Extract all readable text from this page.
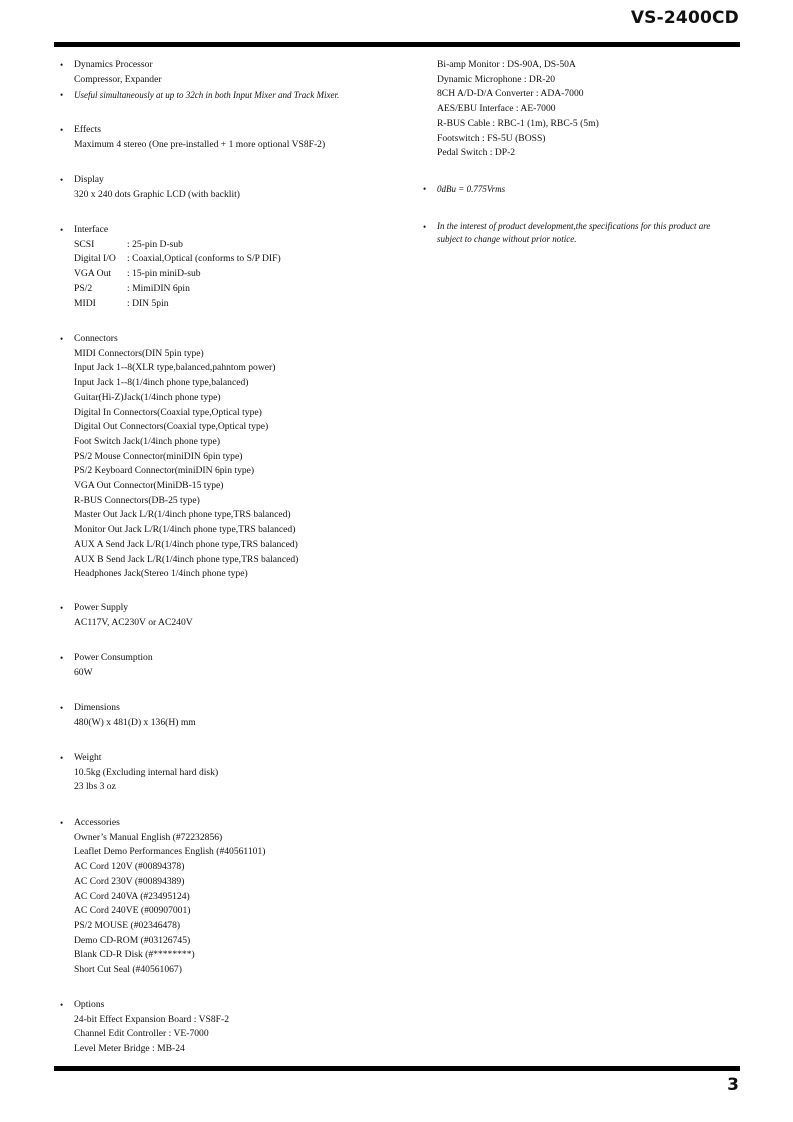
VS-2400CD
• Dynamics Processor
Compressor, Expander
• Useful simultaneously at up to 32ch in both Input Mixer and Track Mixer.
• Effects
Maximum 4 stereo (One pre-installed + 1 more optional VS8F-2)
• Display
320 x 240 dots Graphic LCD (with backlit)
• Interface
SCSI	: 25-pin D-sub
Digital I/O	: Coaxial,Optical (conforms to S/P DIF)
VGA Out	: 15-pin miniD-sub
PS/2	: MimiDIN 6pin
MIDI	: DIN 5pin
• Connectors
MIDI Connectors(DIN 5pin type)
Input Jack 1--8(XLR type,balanced,pahntom power)
Input Jack 1--8(1/4inch phone type,balanced)
Guitar(Hi-Z)Jack(1/4inch phone type)
Digital In Connectors(Coaxial type,Optical type)
Digital Out Connectors(Coaxial type,Optical type)
Foot Switch Jack(1/4inch phone type)
PS/2 Mouse Connector(miniDIN 6pin type)
PS/2 Keyboard Connector(miniDIN 6pin type)
VGA Out Connector(MiniDB-15 type)
R-BUS Connectors(DB-25 type)
Master Out Jack L/R(1/4inch phone type,TRS balanced)
Monitor Out Jack L/R(1/4inch phone type,TRS balanced)
AUX A Send Jack L/R(1/4inch phone type,TRS balanced)
AUX B Send Jack L/R(1/4inch phone type,TRS balanced)
Headphones Jack(Stereo 1/4inch phone type)
• Power Supply
AC117V, AC230V or AC240V
• Power Consumption
60W
• Dimensions
480(W) x 481(D) x 136(H) mm
• Weight
10.5kg (Excluding internal hard disk)
23 lbs 3 oz
• Accessories
Owner’s Manual English (#72232856)
Leaflet Demo Performances English (#40561101)
AC Cord 120V (#00894378)
AC Cord 230V (#00894389)
AC Cord 240VA (#23495124)
AC Cord 240VE (#00907001)
PS/2 MOUSE (#02346478)
Demo CD-ROM (#03126745)
Blank CD-R Disk (#********)
Short Cut Seal (#40561067)
• Options
24-bit Effect Expansion Board : VS8F-2
Channel Edit Controller : VE-7000
Level Meter Bridge : MB-24
Bi-amp Monitor : DS-90A, DS-50A
Dynamic Microphone : DR-20
8CH A/D-D/A Converter : ADA-7000
AES/EBU Interface : AE-7000
R-BUS Cable : RBC-1 (1m), RBC-5 (5m)
Footswitch : FS-5U (BOSS)
Pedal Switch : DP-2
• 0dBu = 0.775Vrms
• In the interest of product development,the specifications for this product are subject to change without prior notice.
3
